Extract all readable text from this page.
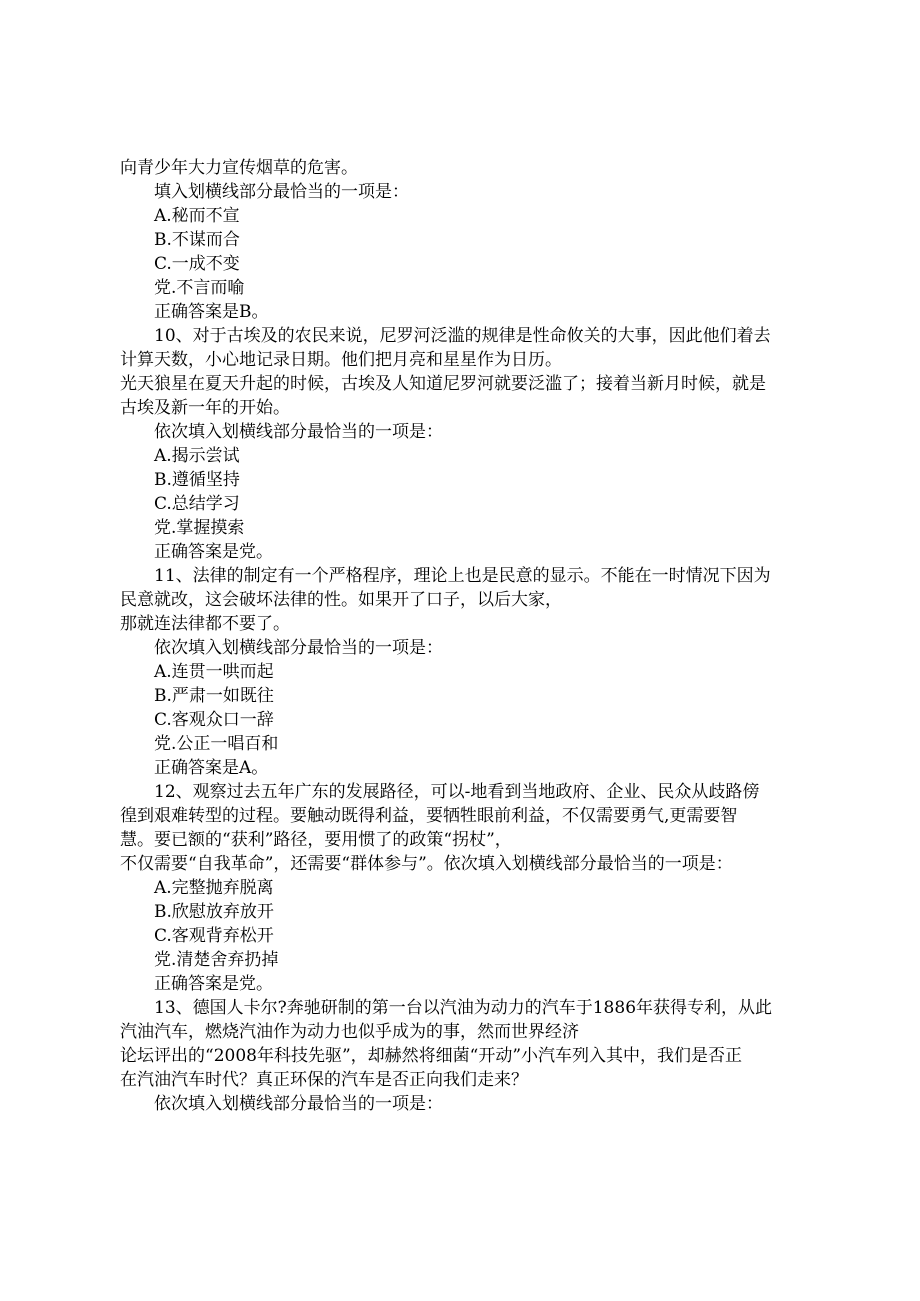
向青少年大力宣传烟草的危害。
填入划横线部分最恰当的一项是：
A.秘而不宣
B.不谋而合
C.一成不变
党.不言而喻
正确答案是B。
10、对于古埃及的农民来说，尼罗河泛滥的规律是性命攸关的大事，因此他们着去
计算天数，小心地记录日期。他们把月亮和星星作为日历。
光天狼星在夏天升起的时候，古埃及人知道尼罗河就要泛滥了；接着当新月时候，就是
古埃及新一年的开始。
依次填入划横线部分最恰当的一项是：
A.揭示尝试
B.遵循坚持
C.总结学习
党.掌握摸索
正确答案是党。
11、法律的制定有一个严格程序，理论上也是民意的显示。不能在一时情况下因为
民意就改，这会破坏法律的性。如果开了口子，以后大家，
那就连法律都不要了。
依次填入划横线部分最恰当的一项是：
A.连贯一哄而起
B.严肃一如既往
C.客观众口一辞
党.公正一唱百和
正确答案是A。
12、观察过去五年广东的发展路径，可以-地看到当地政府、企业、民众从歧路傍
徨到艰难转型的过程。要触动既得利益，要牺牲眼前利益，不仅需要勇气,更需要智
慧。要已额的“获利”路径，要用惯了的政策“拐杖”，
不仅需要“自我革命”，还需要“群体参与”。依次填入划横线部分最恰当的一项是：
A.完整抛弃脱离
B.欣慰放弃放开
C.客观背弃松开
党.清楚舍弃扔掉
正确答案是党。
13、德国人卡尔?奔驰研制的第一台以汽油为动力的汽车于1886年获得专利，从此
汽油汽车，燃烧汽油作为动力也似乎成为的事，然而世界经济
论坛评出的“2008年科技先驱”，却赫然将细菌“开动”小汽车列入其中，我们是否正
在汽油汽车时代？真正环保的汽车是否正向我们走来？
依次填入划横线部分最恰当的一项是：
